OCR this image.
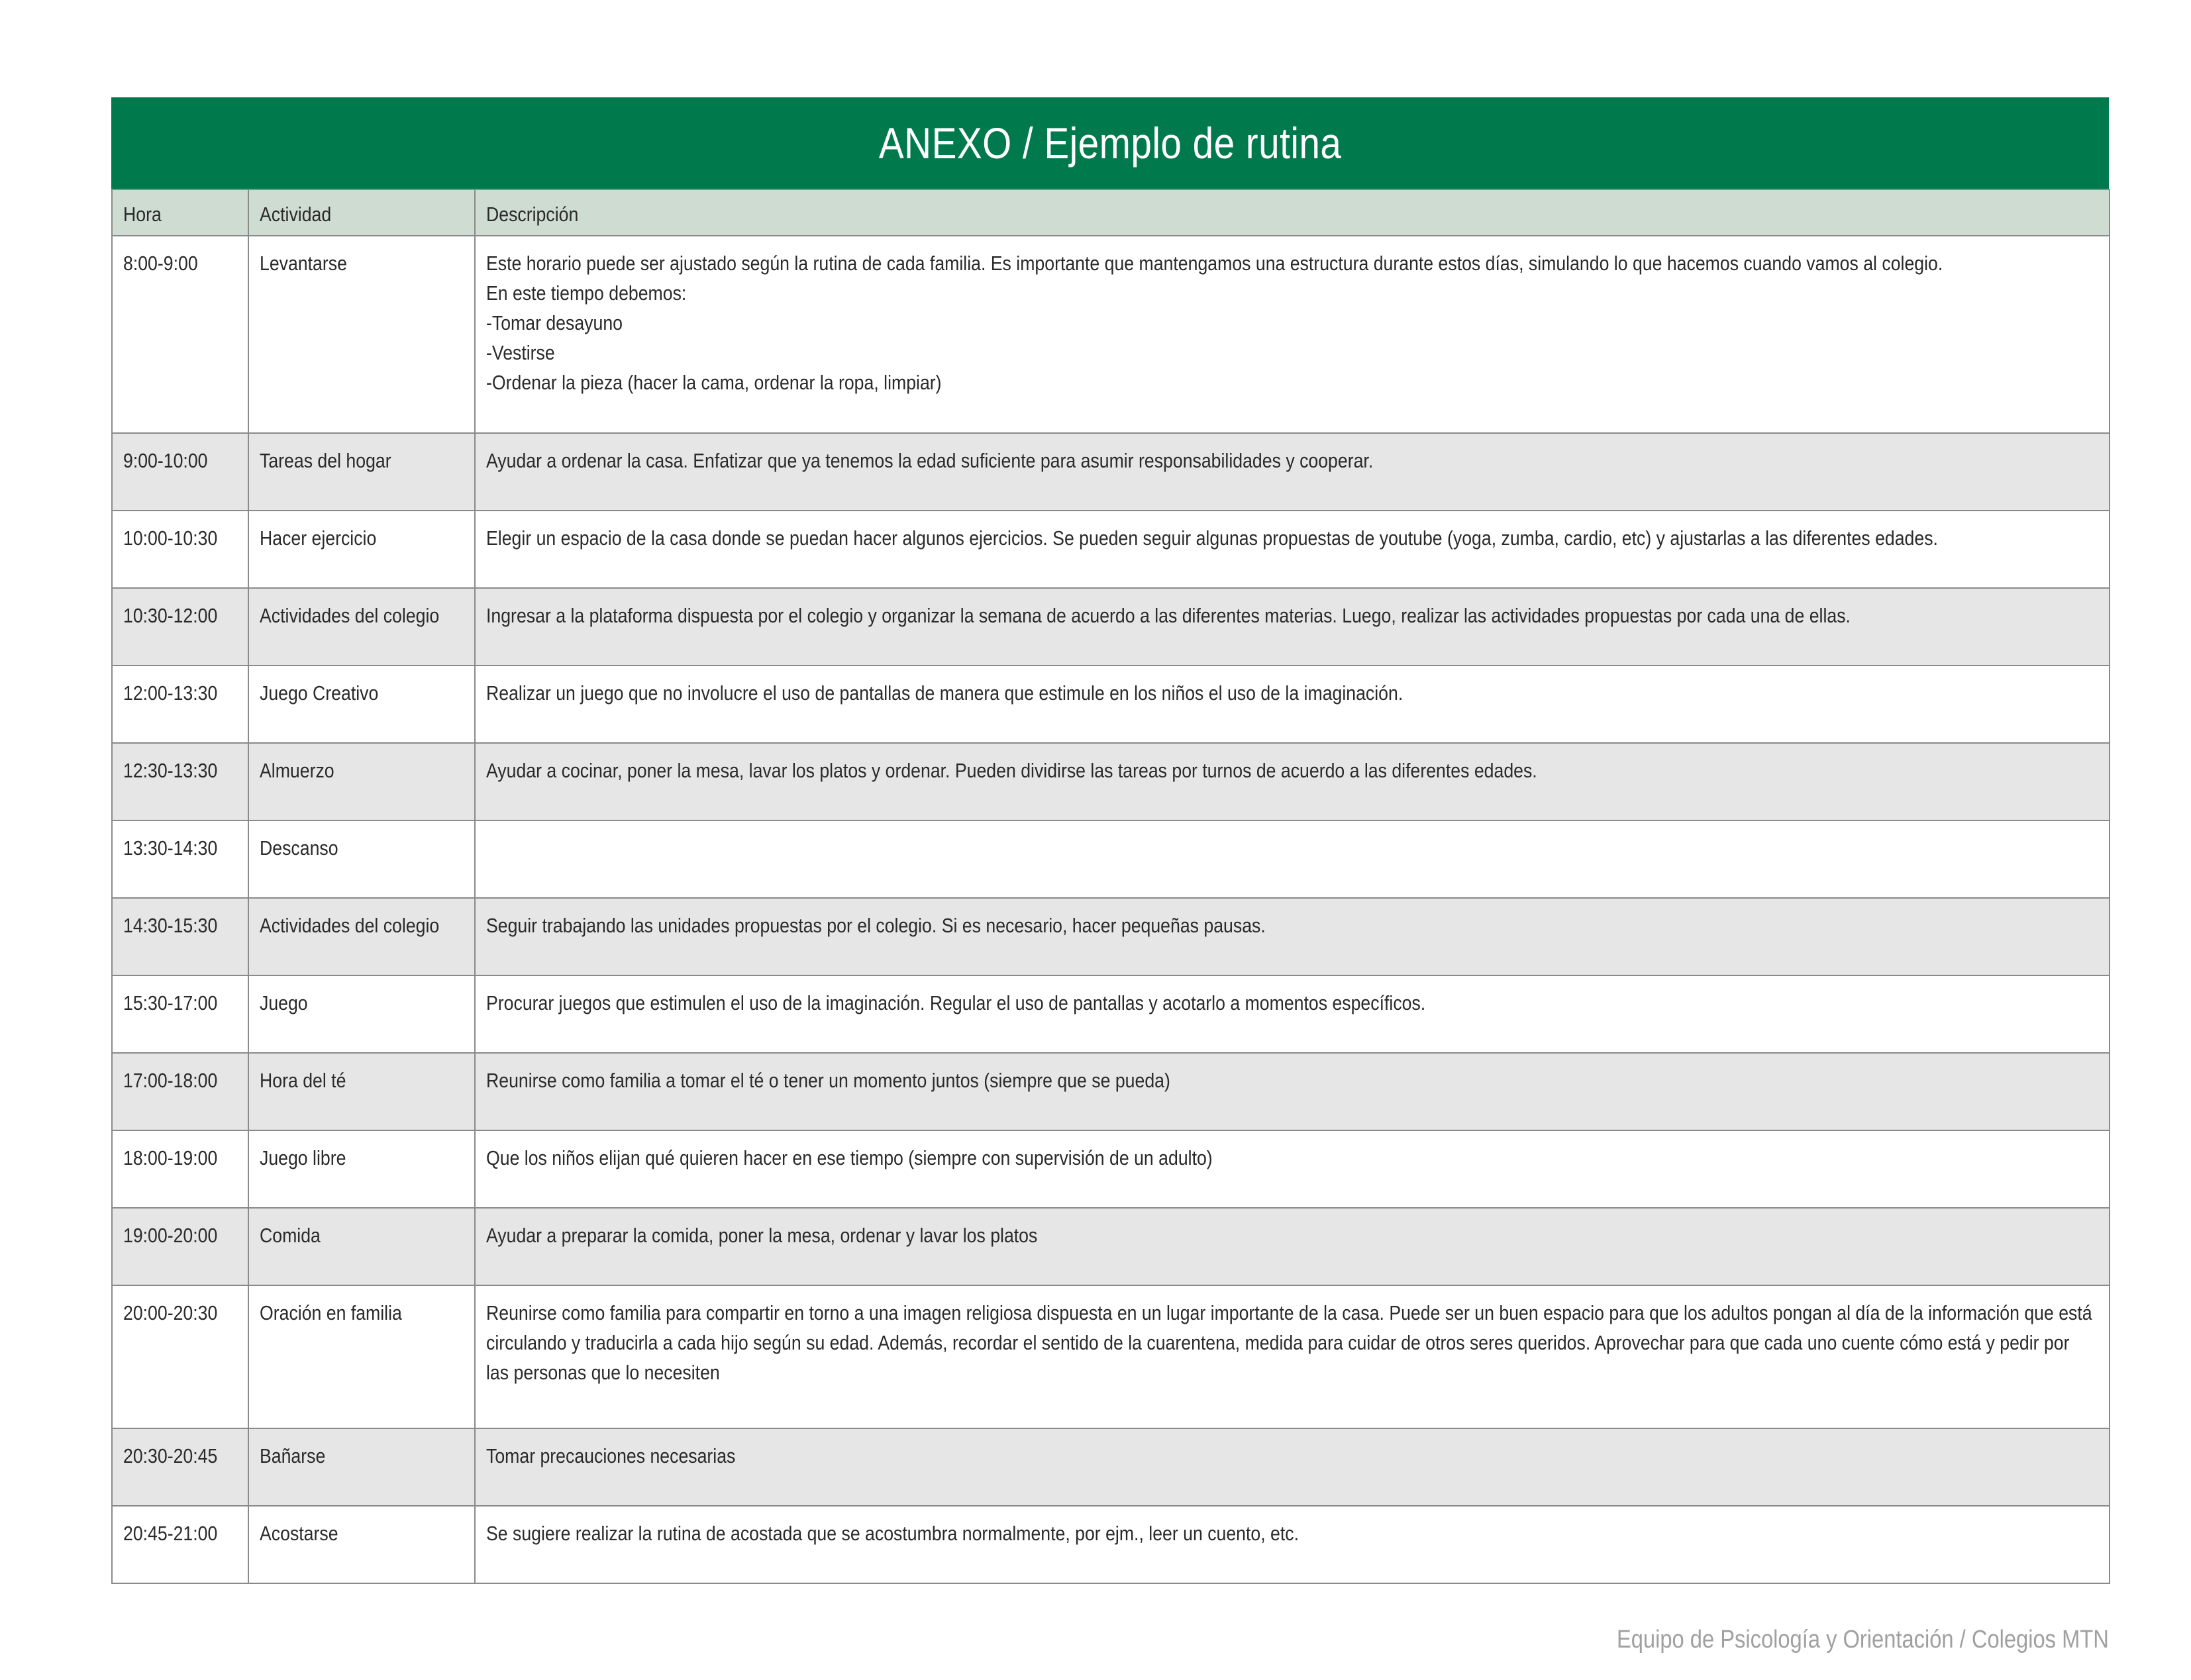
ANEXO / Ejemplo de rutina
Hora	Actividad	Descripción

8:00-9:00	Levantarse	Este horario puede ser ajustado según la rutina de cada familia. Es importante que mantengamos una estructura durante estos días, simulando lo que hacemos cuando vamos al colegio.
En este tiempo debemos:
-Tomar desayuno
-Vestirse
-Ordenar la pieza (hacer la cama, ordenar la ropa, limpiar)

9:00-10:00	Tareas del hogar	Ayudar a ordenar la casa. Enfatizar que ya tenemos la edad suficiente para asumir responsabilidades y cooperar.

10:00-10:30	Hacer ejercicio	Elegir un espacio de la casa donde se puedan hacer algunos ejercicios. Se pueden seguir algunas propuestas de youtube (yoga, zumba, cardio, etc) y ajustarlas a las diferentes edades.

10:30-12:00	Actividades del colegio	Ingresar a la plataforma dispuesta por el colegio y organizar la semana de acuerdo a las diferentes materias. Luego, realizar las actividades propuestas por cada una de ellas.

12:00-13:30	Juego Creativo	Realizar un juego que no involucre el uso de pantallas de manera que estimule en los niños el uso de la imaginación.

12:30-13:30	Almuerzo	Ayudar a cocinar, poner la mesa, lavar los platos y ordenar. Pueden dividirse las tareas por turnos de acuerdo a las diferentes edades.

13:30-14:30	Descanso	

14:30-15:30	Actividades del colegio	Seguir trabajando las unidades propuestas por el colegio. Si es necesario, hacer pequeñas pausas.

15:30-17:00	Juego	Procurar juegos que estimulen el uso de la imaginación. Regular el uso de pantallas y acotarlo a momentos específicos.

17:00-18:00	Hora del té	Reunirse como familia a tomar el té o tener un momento juntos (siempre que se pueda)

18:00-19:00	Juego libre	Que los niños elijan qué quieren hacer en ese tiempo (siempre con supervisión de un adulto)

19:00-20:00	Comida	Ayudar a preparar la comida, poner la mesa, ordenar y lavar los platos

20:00-20:30	Oración en familia	Reunirse como familia para compartir en torno a una imagen religiosa dispuesta en un lugar importante de la casa. Puede ser un buen espacio para que los adultos pongan al día de la información que está circulando y traducirla a cada hijo según su edad. Además, recordar el sentido de la cuarentena, medida para cuidar de otros seres queridos. Aprovechar para que cada uno cuente cómo está y pedir por las personas que lo necesiten

20:30-20:45	Bañarse	Tomar precauciones necesarias

20:45-21:00	Acostarse	Se sugiere realizar la rutina de acostada que se acostumbra normalmente, por ejm., leer un cuento, etc.
Equipo de Psicología y Orientación / Colegios MTN
